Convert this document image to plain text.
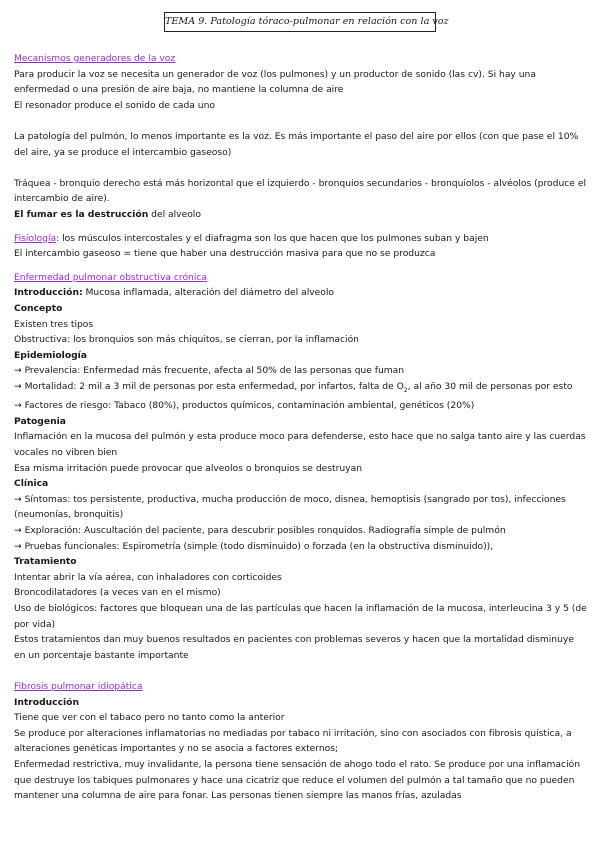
TEMA 9. Patología tóraco-pulmonar en relación con la voz

Mecanismos generadores de la voz

Para producir la voz se necesita un generador de voz (los pulmones) y un productor de sonido (las cv). Si hay una enfermedad o una presión de aire baja, no mantiene la columna de aire

El resonador produce el sonido de cada uno

La patología del pulmón, lo menos importante es la voz. Es más importante el paso del aire por ellos (con que pase el 10% del aire, ya se produce el intercambio gaseoso)

Tráquea - bronquio derecho está más horizontal que el izquierdo - bronquios secundarios - bronquiolos - alvéolos (produce el intercambio de aire).

El fumar es la destrucción del alveolo

Fisiología: los músculos intercostales y el diafragma son los que hacen que los pulmones suban y bajen

El intercambio gaseoso = tiene que haber una destrucción masiva para que no se produzca

Enfermedad pulmonar obstructiva crónica

Introducción: Mucosa inflamada, alteración del diámetro del alveolo

Concepto

Existen tres tipos

Obstructiva: los bronquios son más chiquitos, se cierran, por la inflamación

Epidemiología

→ Prevalencia: Enfermedad más frecuente, afecta al 50% de las personas que fuman

→ Mortalidad: 2 mil a 3 mil de personas por esta enfermedad, por infartos, falta de $O_2$, al año 30 mil de personas por esto

→ Factores de riesgo: Tabaco (80%), productos químicos, contaminación ambiental, genéticos (20%)

Patogenia

Inflamación en la mucosa del pulmón y esta produce moco para defenderse, esto hace que no salga tanto aire y las cuerdas vocales no vibren bien

Esa misma irritación puede provocar que alveolos o bronquios se destruyan

Clínica

→ Síntomas: tos persistente, productiva, mucha producción de moco, disnea, hemoptisis (sangrado por tos), infecciones (neumonías, bronquitis)

→ Exploración: Auscultación del paciente, para descubrir posibles ronquidos. Radiografía simple de pulmón

→ Pruebas funcionales: Espirometría (simple (todo disminuido) o forzada (en la obstructiva disminuido)),

Tratamiento

Intentar abrir la vía aérea, con inhaladores con corticoides

Broncodilatadores (a veces van en el mismo)

Uso de biológicos: factores que bloquean una de las partículas que hacen la inflamación de la mucosa, interleucina 3 y 5 (de por vida)

Estos tratamientos dan muy buenos resultados en pacientes con problemas severos y hacen que la mortalidad disminuye en un porcentaje bastante importante

Fibrosis pulmonar idiopática

Introducción

Tiene que ver con el tabaco pero no tanto como la anterior

Se produce por alteraciones inflamatorias no mediadas por tabaco ni irritación, sino con asociados con fibrosis quística, a alteraciones genéticas importantes y no se asocia a factores externos;

Enfermedad restrictiva, muy invalidante, la persona tiene sensación de ahogo todo el rato. Se produce por una inflamación que destruye los tabiques pulmonares y hace una cicatriz que reduce el volumen del pulmón a tal tamaño que no pueden mantener una columna de aire para fonar. Las personas tienen siempre las manos frías, azuladas
